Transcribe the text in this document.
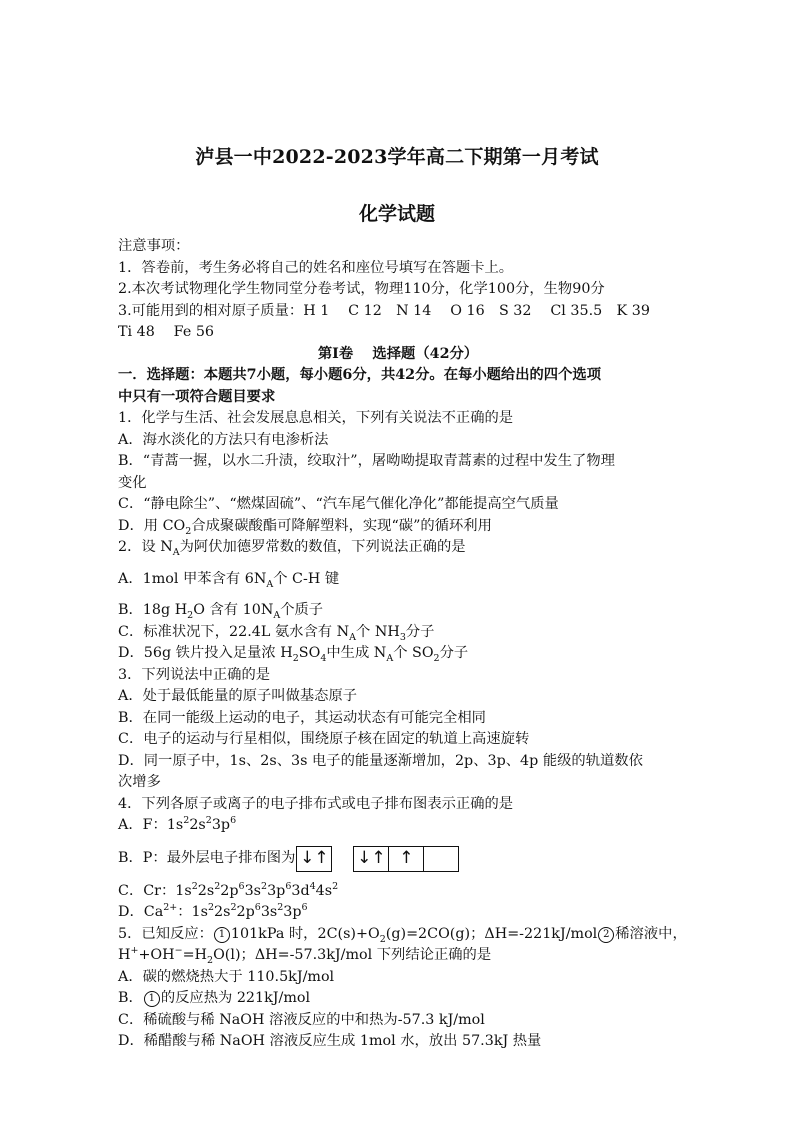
泸县一中2022-2023学年高二下期第一月考试
化学试题
注意事项：
1．答卷前，考生务必将自己的姓名和座位号填写在答题卡上。
2.本次考试物理化学生物同堂分卷考试，物理110分，化学100分，生物90分
3.可能用到的相对原子质量：H 1　 C 12　N 14　 O 16　S 32　 Cl 35.5　K 39
Ti 48　 Fe 56
第I卷　 选择题（42分）
一．选择题：本题共7小题，每小题6分，共42分。在每小题给出的四个选项
中只有一项符合题目要求
1．化学与生活、社会发展息息相关，下列有关说法不正确的是
A．海水淡化的方法只有电渗析法
B．“青蒿一握，以水二升渍，绞取汁”，屠呦呦提取青蒿素的过程中发生了物理
变化
C．“静电除尘”、“燃煤固硫”、“汽车尾气催化净化”都能提高空气质量
D．用 $CO_2$合成聚碳酸酯可降解塑料，实现“碳”的循环利用
2．设 $N_A$为阿伏加德罗常数的数值，下列说法正确的是
A．1mol 甲苯含有 $6N_A$个 C-H 键
B．18g $H_2O$ 含有 $10N_A$个质子
C．标准状况下，22.4L 氨水含有 $N_A$个 $NH_3$分子
D．56g 铁片投入足量浓 $H_2SO_4$中生成 $N_A$个 $SO_2$分子
3．下列说法中正确的是
A．处于最低能量的原子叫做基态原子
B．在同一能级上运动的电子，其运动状态有可能完全相同
C．电子的运动与行星相似，围绕原子核在固定的轨道上高速旋转
D．同一原子中，1s、2s、3s 电子的能量逐渐增加，2p、3p、4p 能级的轨道数依
次增多
4．下列各原子或离子的电子排布式或电子排布图表示正确的是
A．F：$1s^22s^23p^6$
B．P：最外层电子排布图为 ↓↑ ↓↑ ↑
C．Cr：$1s^22s^22p^63s^23p^63d^44s^2$
D．$Ca^{2+}$：$1s^22s^22p^63s^23p^6$
5．已知反应： 1 101kPa 时，$2C(s)+O_2(g)=2CO(g)$；ΔH=-221kJ/mol 2 稀溶液中，
$H^++OH^-=H_2O(l)$；ΔH=-57.3kJ/mol 下列结论正确的是
A．碳的燃烧热大于 110.5kJ/mol
B． 1 的反应热为 221kJ/mol
C．稀硫酸与稀 NaOH 溶液反应的中和热为-57.3 kJ/mol
D．稀醋酸与稀 NaOH 溶液反应生成 1mol 水，放出 57.3kJ 热量
